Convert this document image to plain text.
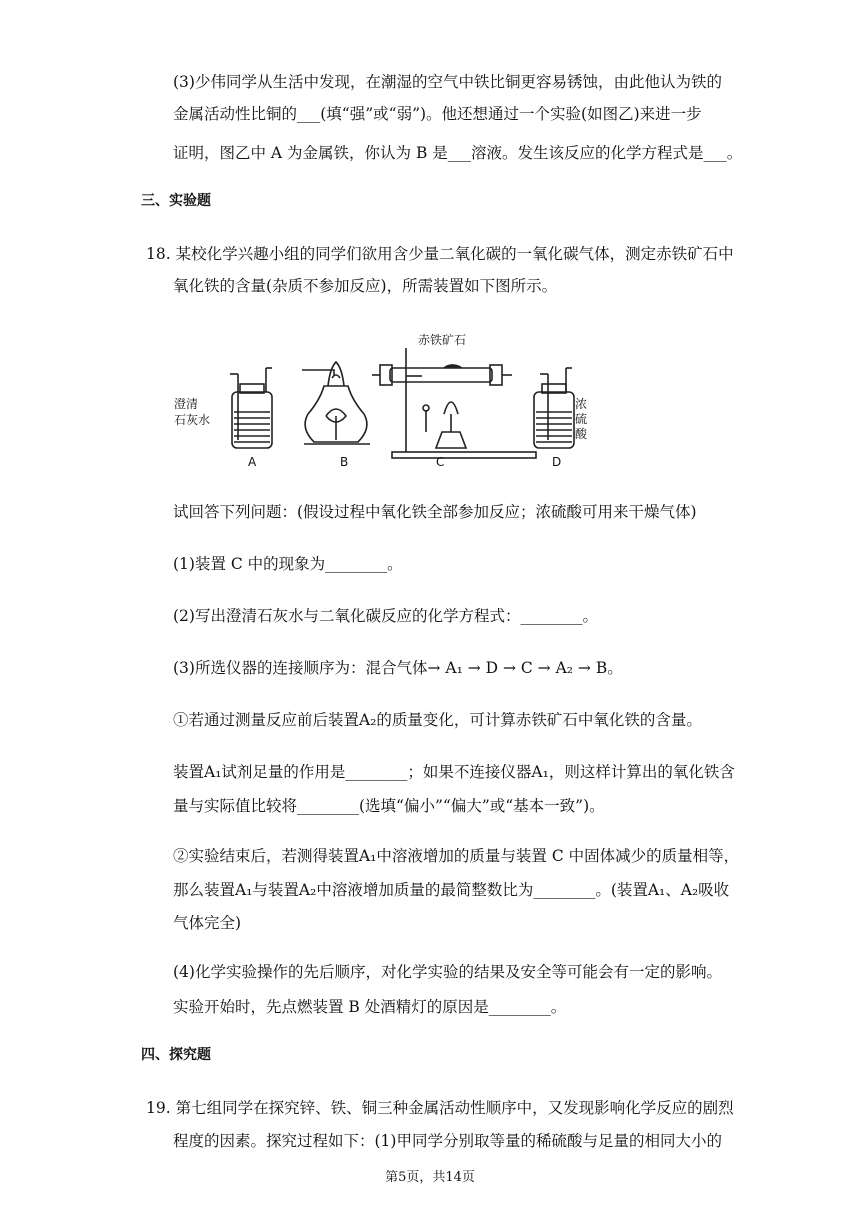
(3)少伟同学从生活中发现，在潮湿的空气中铁比铜更容易锈蚀，由此他认为铁的
金属活动性比铜的___(填“强”或“弱”)。他还想通过一个实验(如图乙)来进一步
证明，图乙中 A 为金属铁，你认为 B 是___溶液。发生该反应的化学方程式是___。
三、实验题
18. 某校化学兴趣小组的同学们欲用含少量二氧化碳的一氧化碳气体，测定赤铁矿石中
氧化铁的含量(杂质不参加反应)，所需装置如下图所示。
赤铁矿石
澄清
石灰水
浓
硫
酸
A	B	C	D
试回答下列问题：(假设过程中氧化铁全部参加反应；浓硫酸可用来干燥气体)
(1)装置 C 中的现象为________。
(2)写出澄清石灰水与二氧化碳反应的化学方程式：________。
(3)所选仪器的连接顺序为：混合气体→ A₁ → D → C → A₂ → B。
①若通过测量反应前后装置A₂的质量变化，可计算赤铁矿石中氧化铁的含量。
装置A₁试剂足量的作用是________；如果不连接仪器A₁，则这样计算出的氧化铁含
量与实际值比较将________(选填“偏小”“偏大”或“基本一致”)。
②实验结束后，若测得装置A₁中溶液增加的质量与装置 C 中固体减少的质量相等，
那么装置A₁与装置A₂中溶液增加质量的最简整数比为________。(装置A₁、A₂吸收
气体完全)
(4)化学实验操作的先后顺序，对化学实验的结果及安全等可能会有一定的影响。
实验开始时，先点燃装置 B 处酒精灯的原因是________。
四、探究题
19. 第七组同学在探究锌、铁、铜三种金属活动性顺序中，又发现影响化学反应的剧烈
程度的因素。探究过程如下：(1)甲同学分别取等量的稀硫酸与足量的相同大小的
第5页，共14页
